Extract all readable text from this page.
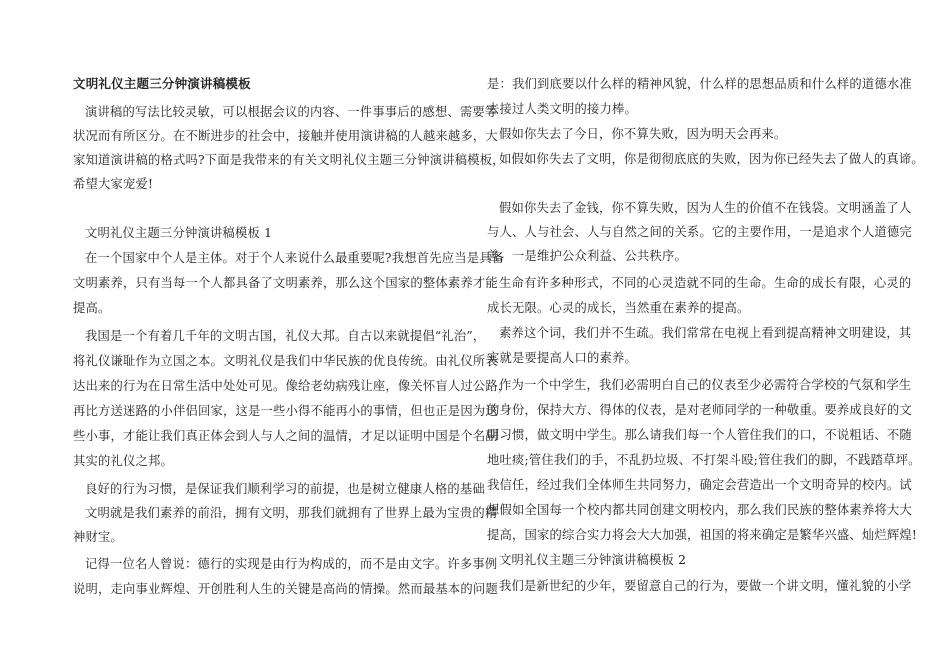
文明礼仪主题三分钟演讲稿模板
演讲稿的写法比较灵敏，可以根据会议的内容、一件事事后的感想、需要等
状况而有所区分。在不断进步的社会中，接触并使用演讲稿的人越来越多，大
家知道演讲稿的格式吗?下面是我带来的有关文明礼仪主题三分钟演讲稿模板，
希望大家宠爱!
文明礼仪主题三分钟演讲稿模板 1
在一个国家中个人是主体。对于个人来说什么最重要呢?我想首先应当是具备
文明素养，只有当每一个人都具备了文明素养，那么这个国家的整体素养才能
提高。
我国是一个有着几千年的文明古国，礼仪大邦。自古以来就提倡“礼治”，
将礼仪谦耻作为立国之本。文明礼仪是我们中华民族的优良传统。由礼仪所表
达出来的行为在日常生活中处处可见。像给老幼病残让座，像关怀盲人过公路，
再比方送迷路的小伴侣回家，这是一些小得不能再小的事情，但也正是因为这
些小事，才能让我们真正体会到人与人之间的温情，才足以证明中国是个名副
其实的礼仪之邦。
良好的行为习惯，是保证我们顺利学习的前提，也是树立健康人格的基础
文明就是我们素养的前沿，拥有文明，那我们就拥有了世界上最为宝贵的精
神财宝。
记得一位名人曾说：德行的实现是由行为构成的，而不是由文字。许多事例
说明，走向事业辉煌、开创胜利人生的关键是高尚的情操。然而最基本的问题
是：我们到底要以什么样的精神风貌，什么样的思想品质和什么样的道德水准
去接过人类文明的接力棒。
假如你失去了今日，你不算失败，因为明天会再来。
如假如你失去了文明，你是彻彻底底的失败，因为你已经失去了做人的真谛。
假如你失去了金钱，你不算失败，因为人生的价值不在钱袋。文明涵盖了人
与人、人与社会、人与自然之间的关系。它的主要作用，一是追求个人道德完
善，一是维护公众利益、公共秩序。
生命有许多种形式，不同的心灵造就不同的生命。生命的成长有限，心灵的
成长无限。心灵的成长，当然重在素养的提高。
素养这个词，我们并不生疏。我们常常在电视上看到提高精神文明建设，其
实就是要提高人口的素养。
作为一个中学生，我们必需明白自己的仪表至少必需符合学校的气氛和学生
的身份，保持大方、得体的仪表，是对老师同学的一种敬重。要养成良好的文
明习惯，做文明中学生。那么请我们每一个人管住我们的口，不说粗话、不随
地吐痰;管住我们的手，不乱扔垃圾、不打架斗殴;管住我们的脚，不践踏草坪。
我信任，经过我们全体师生共同努力，确定会营造出一个文明奇异的校内。试
想假如全国每一个校内都共同创建文明校内，那么我们民族的整体素养将大大
提高，国家的综合实力将会大大加强，祖国的将来确定是繁华兴盛、灿烂辉煌!
文明礼仪主题三分钟演讲稿模板 2
我们是新世纪的少年，要留意自己的行为，要做一个讲文明，懂礼貌的小学
